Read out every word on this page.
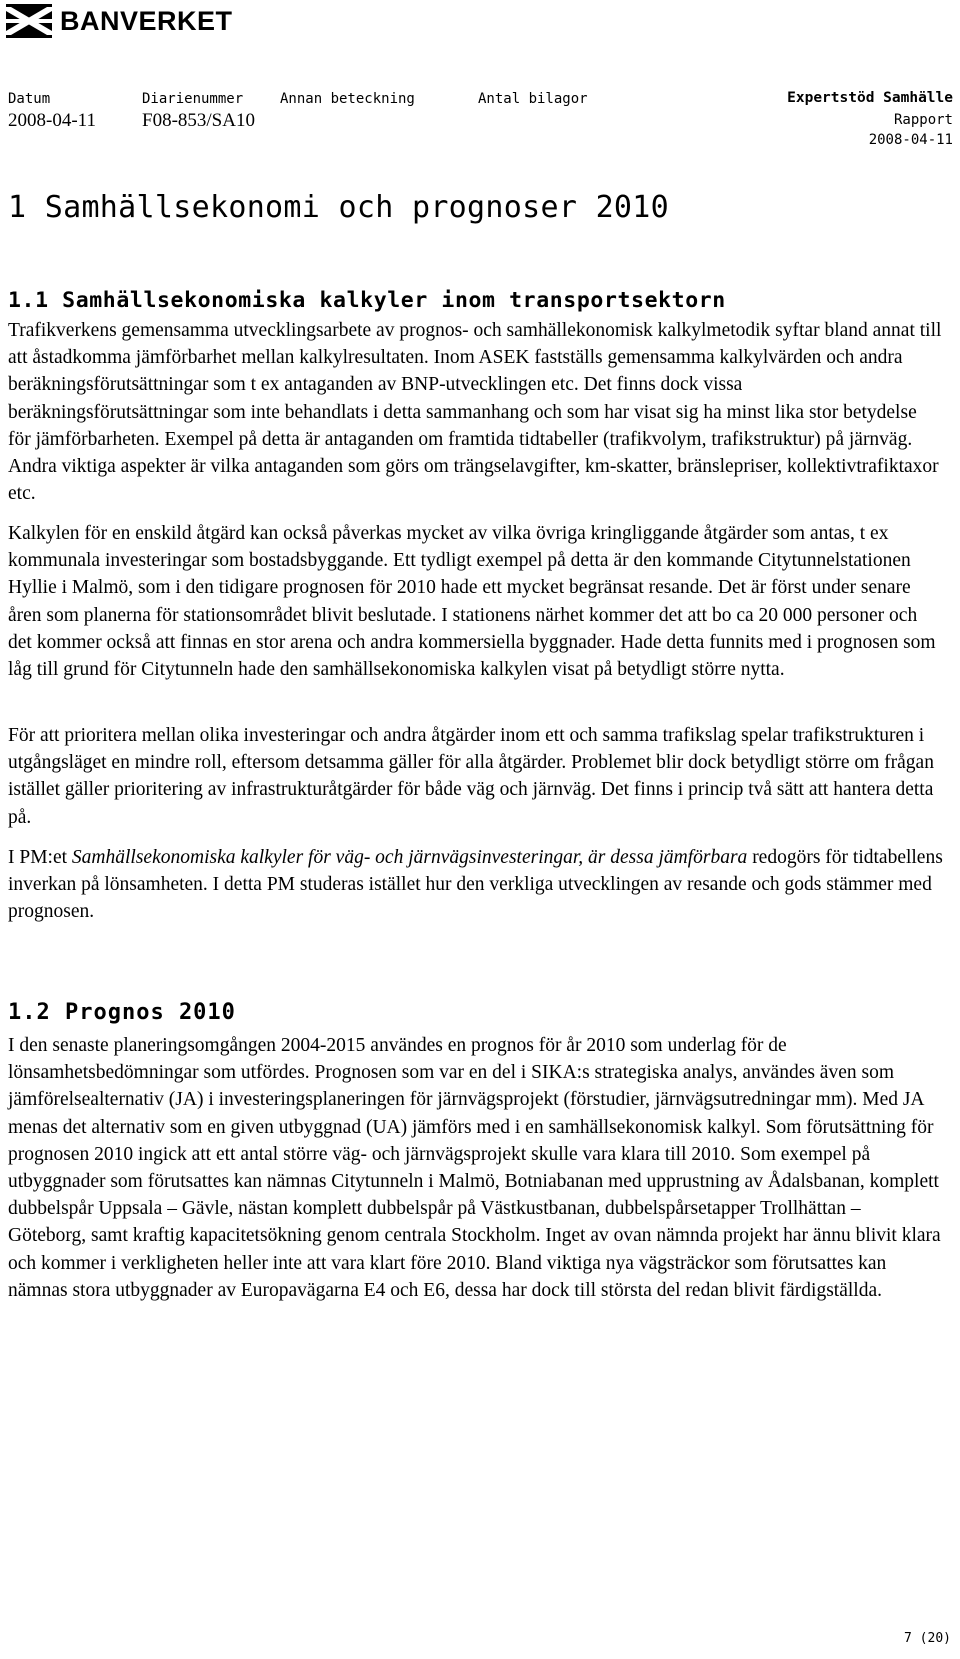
BANVERKET
Datum	Diarienummer	Annan beteckning	Antal bilagor
2008-04-11 F08-853/SA10
Expertstöd Samhälle
Rapport
2008-04-11
1 Samhällsekonomi och prognoser 2010
1.1 Samhällsekonomiska kalkyler inom transportsektorn
Trafikverkens gemensamma utvecklingsarbete av prognos- och samhällekonomisk kalkylmetodik syftar bland annat till att åstadkomma jämförbarhet mellan kalkylresultaten. Inom ASEK fastställs gemensamma kalkylvärden och andra beräkningsförutsättningar som t ex antaganden av BNP-utvecklingen etc. Det finns dock vissa beräkningsförutsättningar som inte behandlats i detta sammanhang och som har visat sig ha minst lika stor betydelse för jämförbarheten. Exempel på detta är antaganden om framtida tidtabeller (trafikvolym, trafikstruktur) på järnväg. Andra viktiga aspekter är vilka antaganden som görs om trängselavgifter, km-skatter, bränslepriser, kollektivtrafiktaxor etc.
Kalkylen för en enskild åtgärd kan också påverkas mycket av vilka övriga kringliggande åtgärder som antas, t ex kommunala investeringar som bostadsbyggande. Ett tydligt exempel på detta är den kommande Citytunnelstationen Hyllie i Malmö, som i den tidigare prognosen för 2010 hade ett mycket begränsat resande. Det är först under senare åren som planerna för stationsområdet blivit beslutade. I stationens närhet kommer det att bo ca 20 000 personer och det kommer också att finnas en stor arena och andra kommersiella byggnader. Hade detta funnits med i prognosen som låg till grund för Citytunneln hade den samhällsekonomiska kalkylen visat på betydligt större nytta.
För att prioritera mellan olika investeringar och andra åtgärder inom ett och samma trafikslag spelar trafikstrukturen i utgångsläget en mindre roll, eftersom detsamma gäller för alla åtgärder. Problemet blir dock betydligt större om frågan istället gäller prioritering av infrastrukturåtgärder för både väg och järnväg. Det finns i princip två sätt att hantera detta på.
I PM:et Samhällsekonomiska kalkyler för väg- och järnvägsinvesteringar, är dessa jämförbara redogörs för tidtabellens inverkan på lönsamheten. I detta PM studeras istället hur den verkliga utvecklingen av resande och gods stämmer med prognosen.
1.2 Prognos 2010
I den senaste planeringsomgången 2004-2015 användes en prognos för år 2010 som underlag för de lönsamhetsbedömningar som utfördes. Prognosen som var en del i SIKA:s strategiska analys, användes även som jämförelsealternativ (JA) i investeringsplaneringen för järnvägsprojekt (förstudier, järnvägsutredningar mm). Med JA menas det alternativ som en given utbyggnad (UA) jämförs med i en samhällsekonomisk kalkyl. Som förutsättning för prognosen 2010 ingick att ett antal större väg- och järnvägsprojekt skulle vara klara till 2010. Som exempel på utbyggnader som förutsattes kan nämnas Citytunneln i Malmö, Botniabanan med upprustning av Ådalsbanan, komplett dubbelspår Uppsala – Gävle, nästan komplett dubbelspår på Västkustbanan, dubbelspårsetapper Trollhättan – Göteborg, samt kraftig kapacitetsökning genom centrala Stockholm. Inget av ovan nämnda projekt har ännu blivit klara och kommer i verkligheten heller inte att vara klart före 2010. Bland viktiga nya vägsträckor som förutsattes kan nämnas stora utbyggnader av Europavägarna E4 och E6, dessa har dock till största del redan blivit färdigställda.
7 (20)
